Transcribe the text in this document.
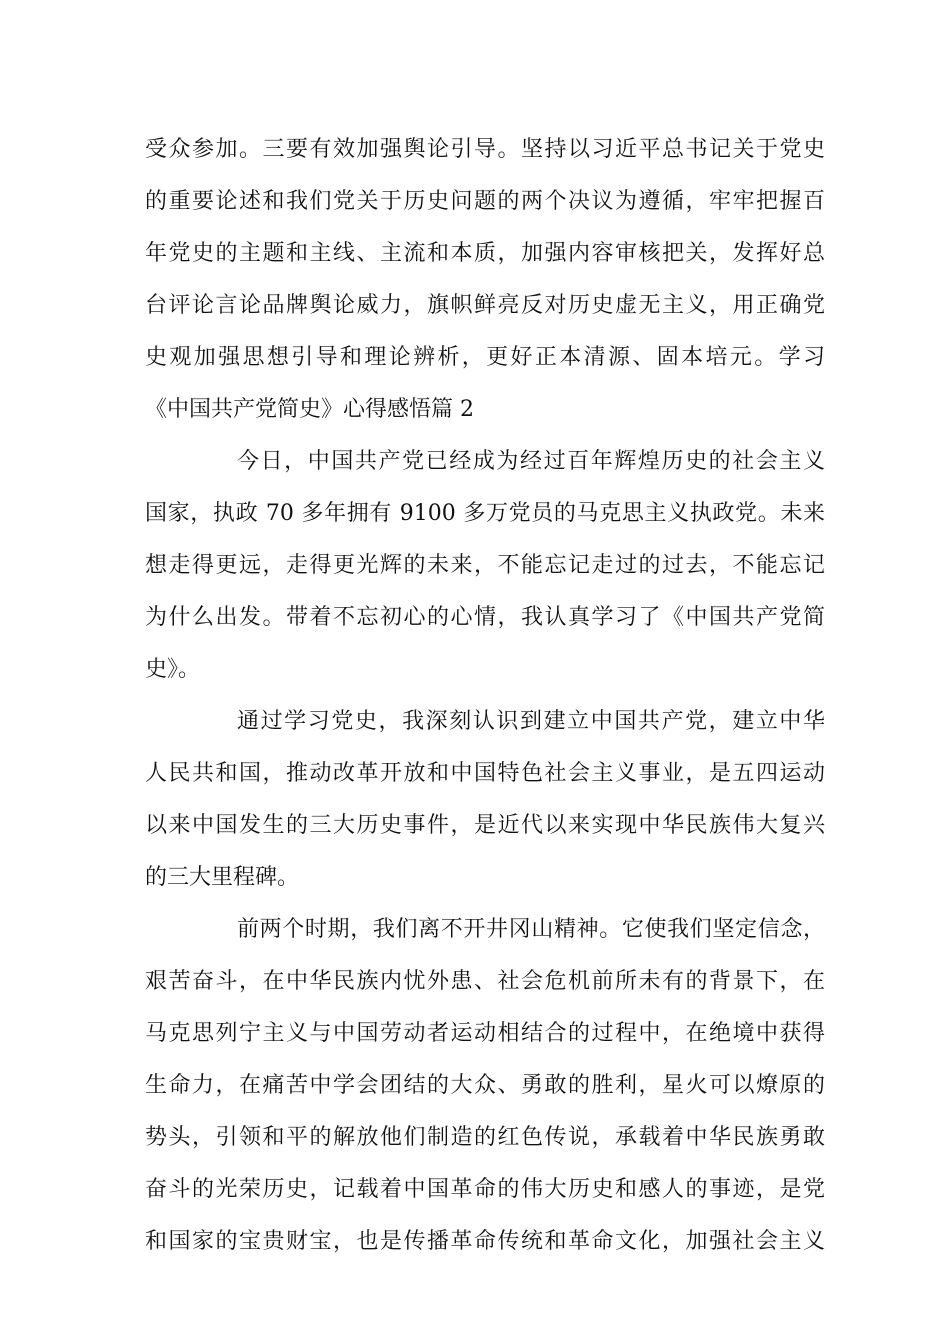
受众参加。三要有效加强舆论引导。坚持以习近平总书记关于党史
的重要论述和我们党关于历史问题的两个决议为遵循，牢牢把握百
年党史的主题和主线、主流和本质，加强内容审核把关，发挥好总
台评论言论品牌舆论威力，旗帜鲜亮反对历史虚无主义，用正确党
史观加强思想引导和理论辨析，更好正本清源、固本培元。学习
《中国共产党简史》心得感悟篇 2
今日，中国共产党已经成为经过百年辉煌历史的社会主义
国家，执政 70 多年拥有 9100 多万党员的马克思主义执政党。未来
想走得更远，走得更光辉的未来，不能忘记走过的过去，不能忘记
为什么出发。带着不忘初心的心情，我认真学习了《中国共产党简
史》。
通过学习党史，我深刻认识到建立中国共产党，建立中华
人民共和国，推动改革开放和中国特色社会主义事业，是五四运动
以来中国发生的三大历史事件，是近代以来实现中华民族伟大复兴
的三大里程碑。
前两个时期，我们离不开井冈山精神。它使我们坚定信念，
艰苦奋斗，在中华民族内忧外患、社会危机前所未有的背景下，在
马克思列宁主义与中国劳动者运动相结合的过程中，在绝境中获得
生命力，在痛苦中学会团结的大众、勇敢的胜利，星火可以燎原的
势头，引领和平的解放他们制造的红色传说，承载着中华民族勇敢
奋斗的光荣历史，记载着中国革命的伟大历史和感人的事迹，是党
和国家的宝贵财宝，也是传播革命传统和革命文化，加强社会主义
